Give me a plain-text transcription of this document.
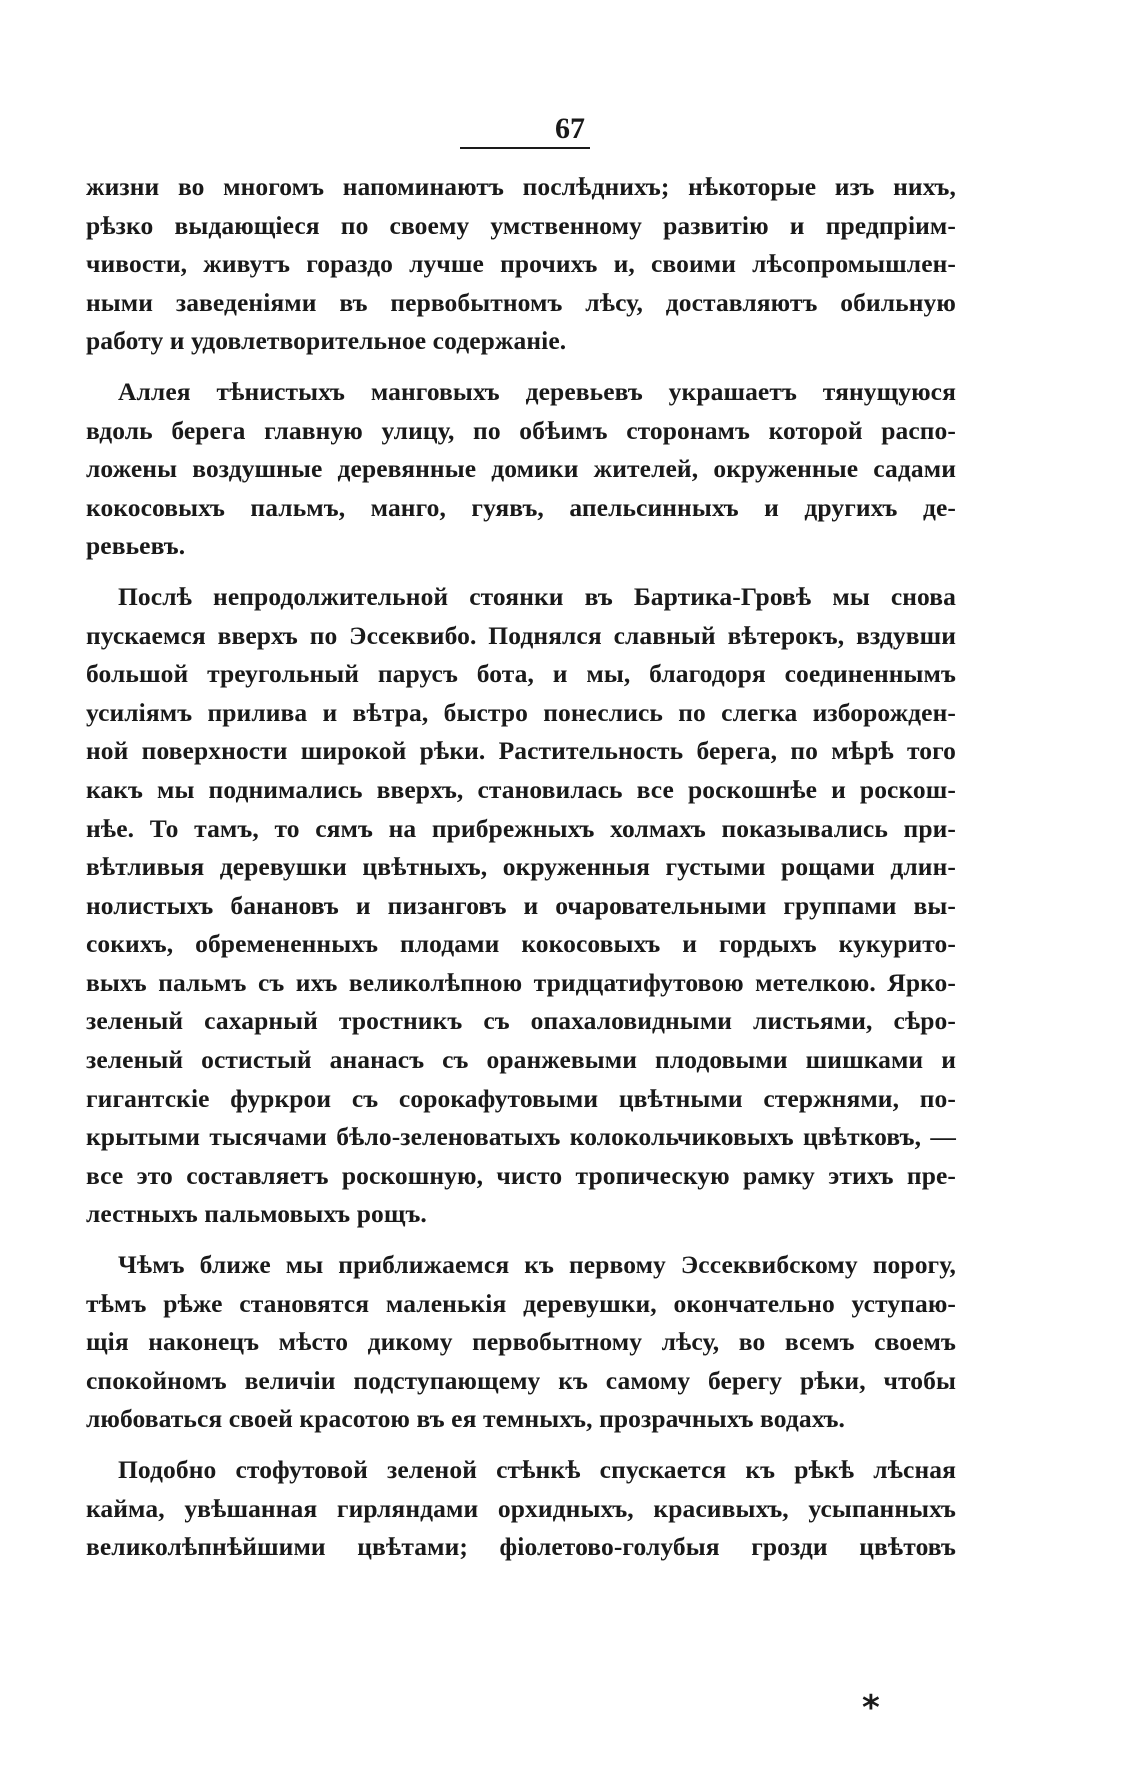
67
жизни во многомъ напоминаютъ послѣднихъ; нѣкоторые изъ нихъ,
рѣзко выдающіеся по своему умственному развитію и предпріим-
чивости, живутъ гораздо лучше прочихъ и, своими лѣсопромышлен-
ными заведеніями въ первобытномъ лѣсу, доставляютъ обильную
работу и удовлетворительное содержаніе.
Аллея тѣнистыхъ манговыхъ деревьевъ украшаетъ тянущуюся
вдоль берега главную улицу, по обѣимъ сторонамъ которой распо-
ложены воздушные деревянные домики жителей, окруженные садами
кокосовыхъ пальмъ, манго, гуявъ, апельсинныхъ и другихъ де-
ревьевъ.
Послѣ непродолжительной стоянки въ Бартика-Гровѣ мы снова
пускаемся вверхъ по Эссеквибо. Поднялся славный вѣтерокъ, вздувши
большой треугольный парусъ бота, и мы, благодоря соединеннымъ
усиліямъ прилива и вѣтра, быстро понеслись по слегка изборожден-
ной поверхности широкой рѣки. Растительность берега, по мѣрѣ того
какъ мы поднимались вверхъ, становилась все роскошнѣе и роскош-
нѣе. То тамъ, то сямъ на прибрежныхъ холмахъ показывались при-
вѣтливыя деревушки цвѣтныхъ, окруженныя густыми рощами длин-
нолистыхъ банановъ и пизанговъ и очаровательными группами вы-
сокихъ, обремененныхъ плодами кокосовыхъ и гордыхъ кукурито-
выхъ пальмъ съ ихъ великолѣпною тридцатифутовою метелкою. Ярко-
зеленый сахарный тростникъ съ опахаловидными листьями, сѣро-
зеленый остистый ананасъ съ оранжевыми плодовыми шишками и
гигантскіе фуркрои съ сорокафутовыми цвѣтными стержнями, по-
крытыми тысячами бѣло-зеленоватыхъ колокольчиковыхъ цвѣтковъ, —
все это составляетъ роскошную, чисто тропическую рамку этихъ пре-
лестныхъ пальмовыхъ рощъ.
Чѣмъ ближе мы приближаемся къ первому Эссеквибскому порогу,
тѣмъ рѣже становятся маленькія деревушки, окончательно уступаю-
щія наконецъ мѣсто дикому первобытному лѣсу, во всемъ своемъ
спокойномъ величіи подступающему къ самому берегу рѣки, чтобы
любоваться своей красотою въ ея темныхъ, прозрачныхъ водахъ.
Подобно стофутовой зеленой стѣнкѣ спускается къ рѣкѣ лѣсная
кайма, увѣшанная гирляндами орхидныхъ, красивыхъ, усыпанныхъ
великолѣпнѣйшими цвѣтами; фіолетово-голубыя грозди цвѣтовъ
*
